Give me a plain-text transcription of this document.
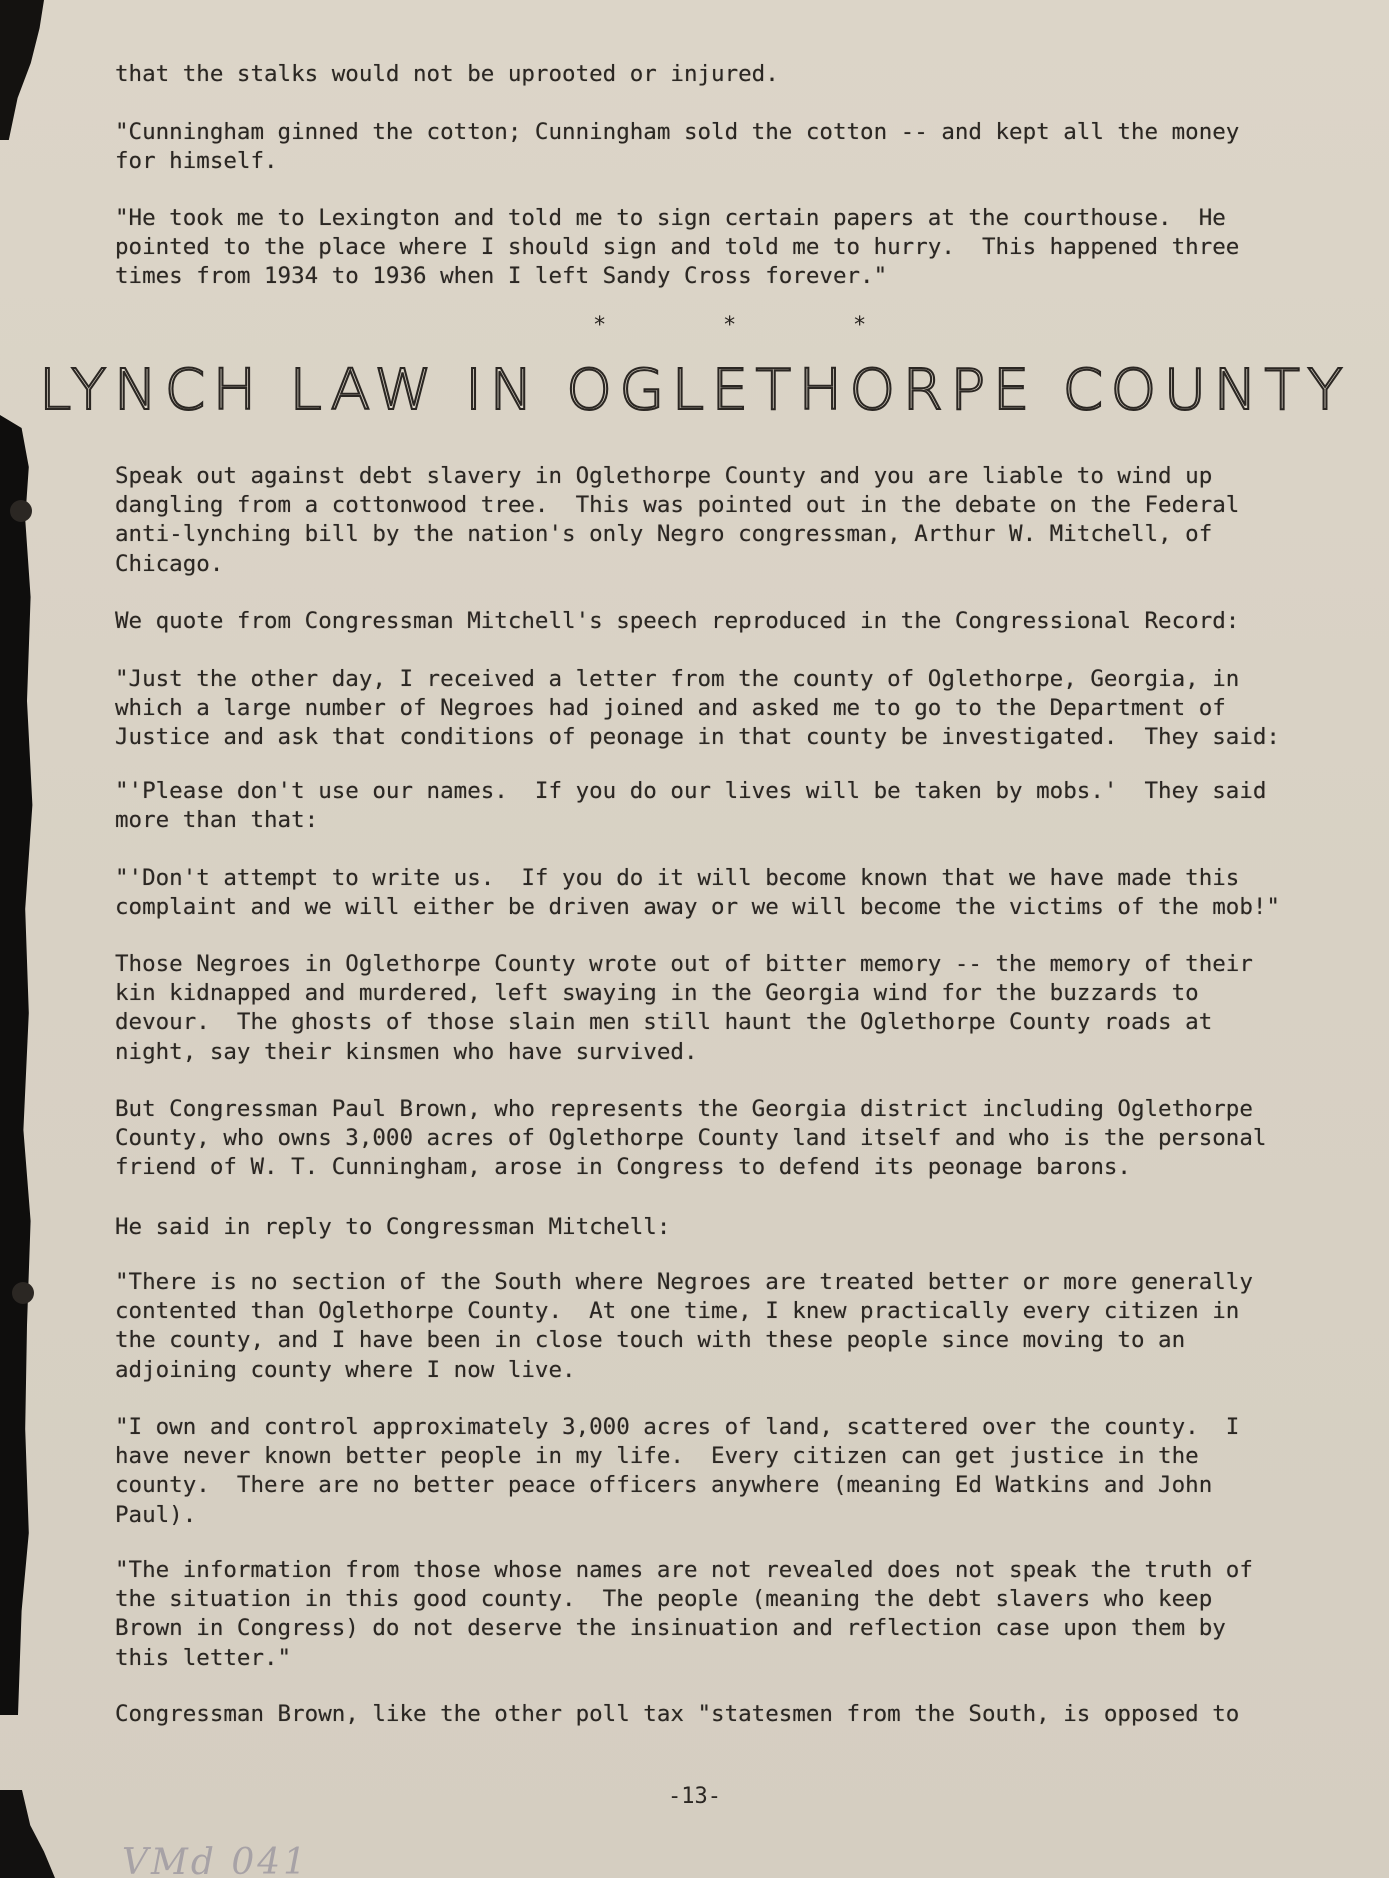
that the stalks would not be uprooted or injured.

"Cunningham ginned the cotton; Cunningham sold the cotton -- and kept all the money
for himself.

"He took me to Lexington and told me to sign certain papers at the courthouse.  He
pointed to the place where I should sign and told me to hurry.  This happened three
times from 1934 to 1936 when I left Sandy Cross forever."

*	*	*
LYNCH LAW IN OGLETHORPE COUNTY

Speak out against debt slavery in Oglethorpe County and you are liable to wind up
dangling from a cottonwood tree.  This was pointed out in the debate on the Federal
anti-lynching bill by the nation's only Negro congressman, Arthur W. Mitchell, of
Chicago.

We quote from Congressman Mitchell's speech reproduced in the Congressional Record:

"Just the other day, I received a letter from the county of Oglethorpe, Georgia, in
which a large number of Negroes had joined and asked me to go to the Department of
Justice and ask that conditions of peonage in that county be investigated.  They said:

"'Please don't use our names.  If you do our lives will be taken by mobs.'  They said
more than that:

"'Don't attempt to write us.  If you do it will become known that we have made this
complaint and we will either be driven away or we will become the victims of the mob!"

Those Negroes in Oglethorpe County wrote out of bitter memory -- the memory of their
kin kidnapped and murdered, left swaying in the Georgia wind for the buzzards to
devour.  The ghosts of those slain men still haunt the Oglethorpe County roads at
night, say their kinsmen who have survived.

But Congressman Paul Brown, who represents the Georgia district including Oglethorpe
County, who owns 3,000 acres of Oglethorpe County land itself and who is the personal
friend of W. T. Cunningham, arose in Congress to defend its peonage barons.

He said in reply to Congressman Mitchell:

"There is no section of the South where Negroes are treated better or more generally
contented than Oglethorpe County.  At one time, I knew practically every citizen in
the county, and I have been in close touch with these people since moving to an
adjoining county where I now live.

"I own and control approximately 3,000 acres of land, scattered over the county.  I
have never known better people in my life.  Every citizen can get justice in the
county.  There are no better peace officers anywhere (meaning Ed Watkins and John
Paul).

"The information from those whose names are not revealed does not speak the truth of
the situation in this good county.  The people (meaning the debt slavers who keep
Brown in Congress) do not deserve the insinuation and reflection case upon them by
this letter."

Congressman Brown, like the other poll tax "statesmen from the South, is opposed to

-13-

VMd 041
